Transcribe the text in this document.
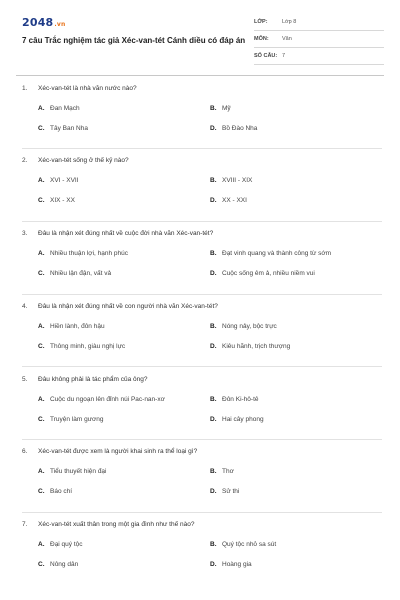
2048.vn
7 câu Trắc nghiệm tác giả Xéc-van-tét Cánh diều có đáp án
LỚP:	Lớp 8
MÔN:	Văn
SỐ CÂU: 7
1.	Xéc-van-tét là nhà văn nước nào?
A. Đan Mạch	B. Mỹ
C. Tây Ban Nha	D. Bồ Đào Nha
2.	Xéc-van-tét sống ở thế kỷ nào?
A. XVI - XVII	B. XVIII - XIX
C. XIX - XX	D. XX - XXI
3.	Đâu là nhận xét đúng nhất về cuộc đời nhà văn Xéc-van-tét?
A. Nhiều thuận lợi, hạnh phúc	B. Đạt vinh quang và thành công từ sớm
C. Nhiều lận đận, vất vả	D. Cuộc sống êm ả, nhiều niềm vui
4.	Đâu là nhận xét đúng nhất về con người nhà văn Xéc-van-tét?
A. Hiền lành, đôn hậu	B. Nóng nảy, bộc trực
C. Thông minh, giàu nghị lực	D. Kiêu hãnh, trịch thượng
5.	Đâu không phải là tác phẩm của ông?
A. Cuộc du ngoạn lên đỉnh núi Pac-nan-xơ	B. Đôn Ki-hô-tê
C. Truyện làm gương	D. Hai cây phong
6.	Xéc-van-tét được xem là người khai sinh ra thể loại gì?
A. Tiểu thuyết hiện đại	B. Thơ
C. Báo chí	D. Sử thi
7.	Xéc-van-tét xuất thân trong một gia đình như thế nào?
A. Đại quý tộc	B. Quý tộc nhỏ sa sút
C. Nông dân	D. Hoàng gia
